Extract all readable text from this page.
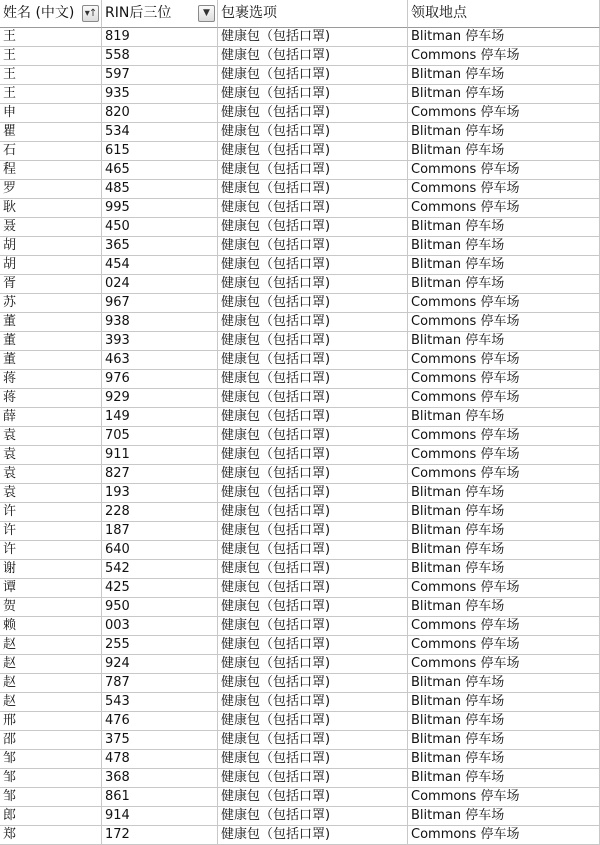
姓名 (中文) ▾↑ RIN后三位	▼ 包裹选项	领取地点
王	819	健康包（包括口罩)	Blitman 停车场
王	558	健康包（包括口罩)	Commons 停车场
王	597	健康包（包括口罩)	Blitman 停车场
王	935	健康包（包括口罩)	Blitman 停车场
申	820	健康包（包括口罩)	Commons 停车场
瞿	534	健康包（包括口罩)	Blitman 停车场
石	615	健康包（包括口罩)	Blitman 停车场
程	465	健康包（包括口罩)	Commons 停车场
罗	485	健康包（包括口罩)	Commons 停车场
耿	995	健康包（包括口罩)	Commons 停车场
聂	450	健康包（包括口罩)	Blitman 停车场
胡	365	健康包（包括口罩)	Blitman 停车场
胡	454	健康包（包括口罩)	Blitman 停车场
胥	024	健康包（包括口罩)	Blitman 停车场
苏	967	健康包（包括口罩)	Commons 停车场
董	938	健康包（包括口罩)	Commons 停车场
董	393	健康包（包括口罩)	Blitman 停车场
董	463	健康包（包括口罩)	Commons 停车场
蒋	976	健康包（包括口罩)	Commons 停车场
蒋	929	健康包（包括口罩)	Commons 停车场
薛	149	健康包（包括口罩)	Blitman 停车场
袁	705	健康包（包括口罩)	Commons 停车场
袁	911	健康包（包括口罩)	Commons 停车场
袁	827	健康包（包括口罩)	Commons 停车场
袁	193	健康包（包括口罩)	Blitman 停车场
许	228	健康包（包括口罩)	Blitman 停车场
许	187	健康包（包括口罩)	Blitman 停车场
许	640	健康包（包括口罩)	Blitman 停车场
谢	542	健康包（包括口罩)	Blitman 停车场
谭	425	健康包（包括口罩)	Commons 停车场
贺	950	健康包（包括口罩)	Blitman 停车场
赖	003	健康包（包括口罩)	Commons 停车场
赵	255	健康包（包括口罩)	Commons 停车场
赵	924	健康包（包括口罩)	Commons 停车场
赵	787	健康包（包括口罩)	Blitman 停车场
赵	543	健康包（包括口罩)	Blitman 停车场
邢	476	健康包（包括口罩)	Blitman 停车场
邵	375	健康包（包括口罩)	Blitman 停车场
邹	478	健康包（包括口罩)	Blitman 停车场
邹	368	健康包（包括口罩)	Blitman 停车场
邹	861	健康包（包括口罩)	Commons 停车场
郎	914	健康包（包括口罩)	Blitman 停车场
郑	172	健康包（包括口罩)	Commons 停车场
